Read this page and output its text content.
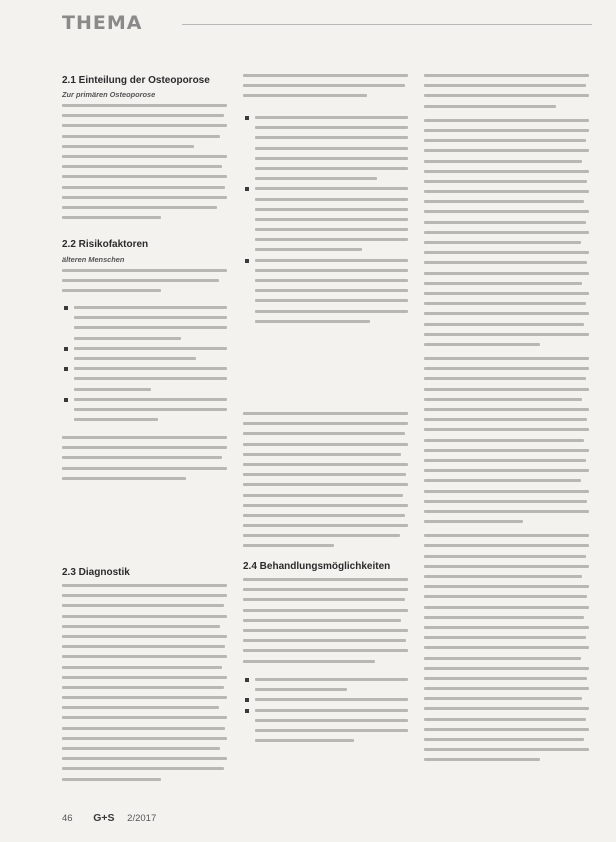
THEMA
2.1 Einteilung der Osteoporose
Zur primären Osteoporose
2.2 Risikofaktoren
älteren Menschen
2.3 Diagnostik
2.4 Behandlungsmöglichkeiten
46 G+S 2/2017
